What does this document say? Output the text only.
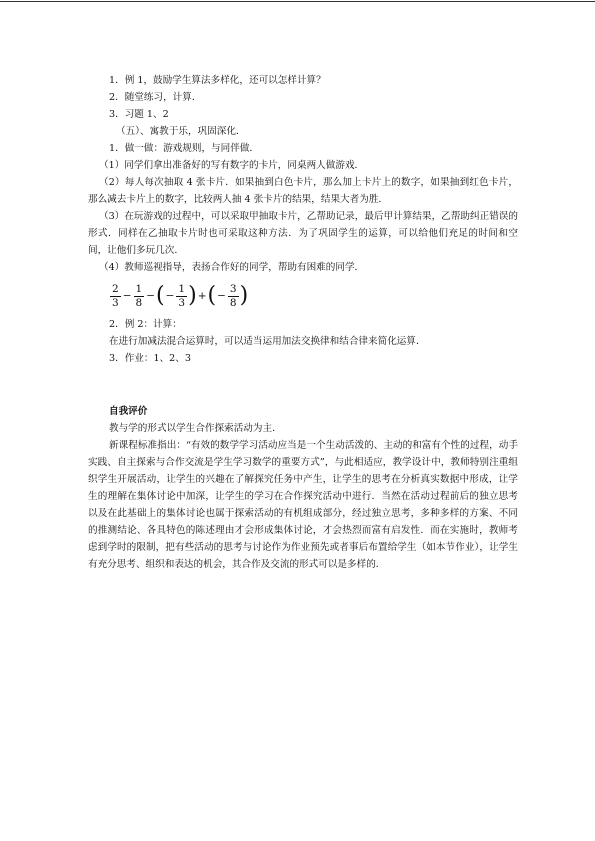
1．例 1，鼓励学生算法多样化，还可以怎样计算？
2．随堂练习，计算．
3．习题 1、2
（五）、寓教于乐，巩固深化．
1．做一做：游戏规则，与同伴做．
（1）同学们拿出准备好的写有数字的卡片，同桌两人做游戏．
（2）每人每次抽取 4 张卡片．如果抽到白色卡片，那么加上卡片上的数字，如果抽到红色卡片，那么减去卡片上的数字，比较两人抽 4 张卡片的结果，结果大者为胜．
（3）在玩游戏的过程中，可以采取甲抽取卡片，乙帮助记录，最后甲计算结果，乙帮助纠正错误的形式．同样在乙抽取卡片时也可采取这种方法．为了巩固学生的运算，可以给他们充足的时间和空间，让他们多玩几次．
（4）教师巡视指导，表扬合作好的同学，帮助有困难的同学．
$\frac{2}{3} - \frac{1}{8}$ − ( − $\frac{1}{3}$ ) + ( − $\frac{3}{8}$ )
2．例 2：计算：
在进行加减法混合运算时，可以适当运用加法交换律和结合律来简化运算．
3．作业：1、2、3
自我评价
教与学的形式以学生合作探索活动为主．
新课程标准指出：“有效的数学学习活动应当是一个生动活泼的、主动的和富有个性的过程，动手实践、自主探索与合作交流是学生学习数学的重要方式”，与此相适应，教学设计中，教师特别注重组织学生开展活动，让学生的兴趣在了解探究任务中产生，让学生的思考在分析真实数据中形成，让学生的理解在集体讨论中加深，让学生的学习在合作探究活动中进行．当然在活动过程前后的独立思考以及在此基础上的集体讨论也属于探索活动的有机组成部分，经过独立思考，多种多样的方案、不同的推测结论、各具特色的陈述理由才会形成集体讨论，才会热烈而富有启发性．而在实施时，教师考虑到学时的限制，把有些活动的思考与讨论作为作业预先或者事后布置给学生（如本节作业），让学生有充分思考、组织和表达的机会，其合作及交流的形式可以是多样的．
